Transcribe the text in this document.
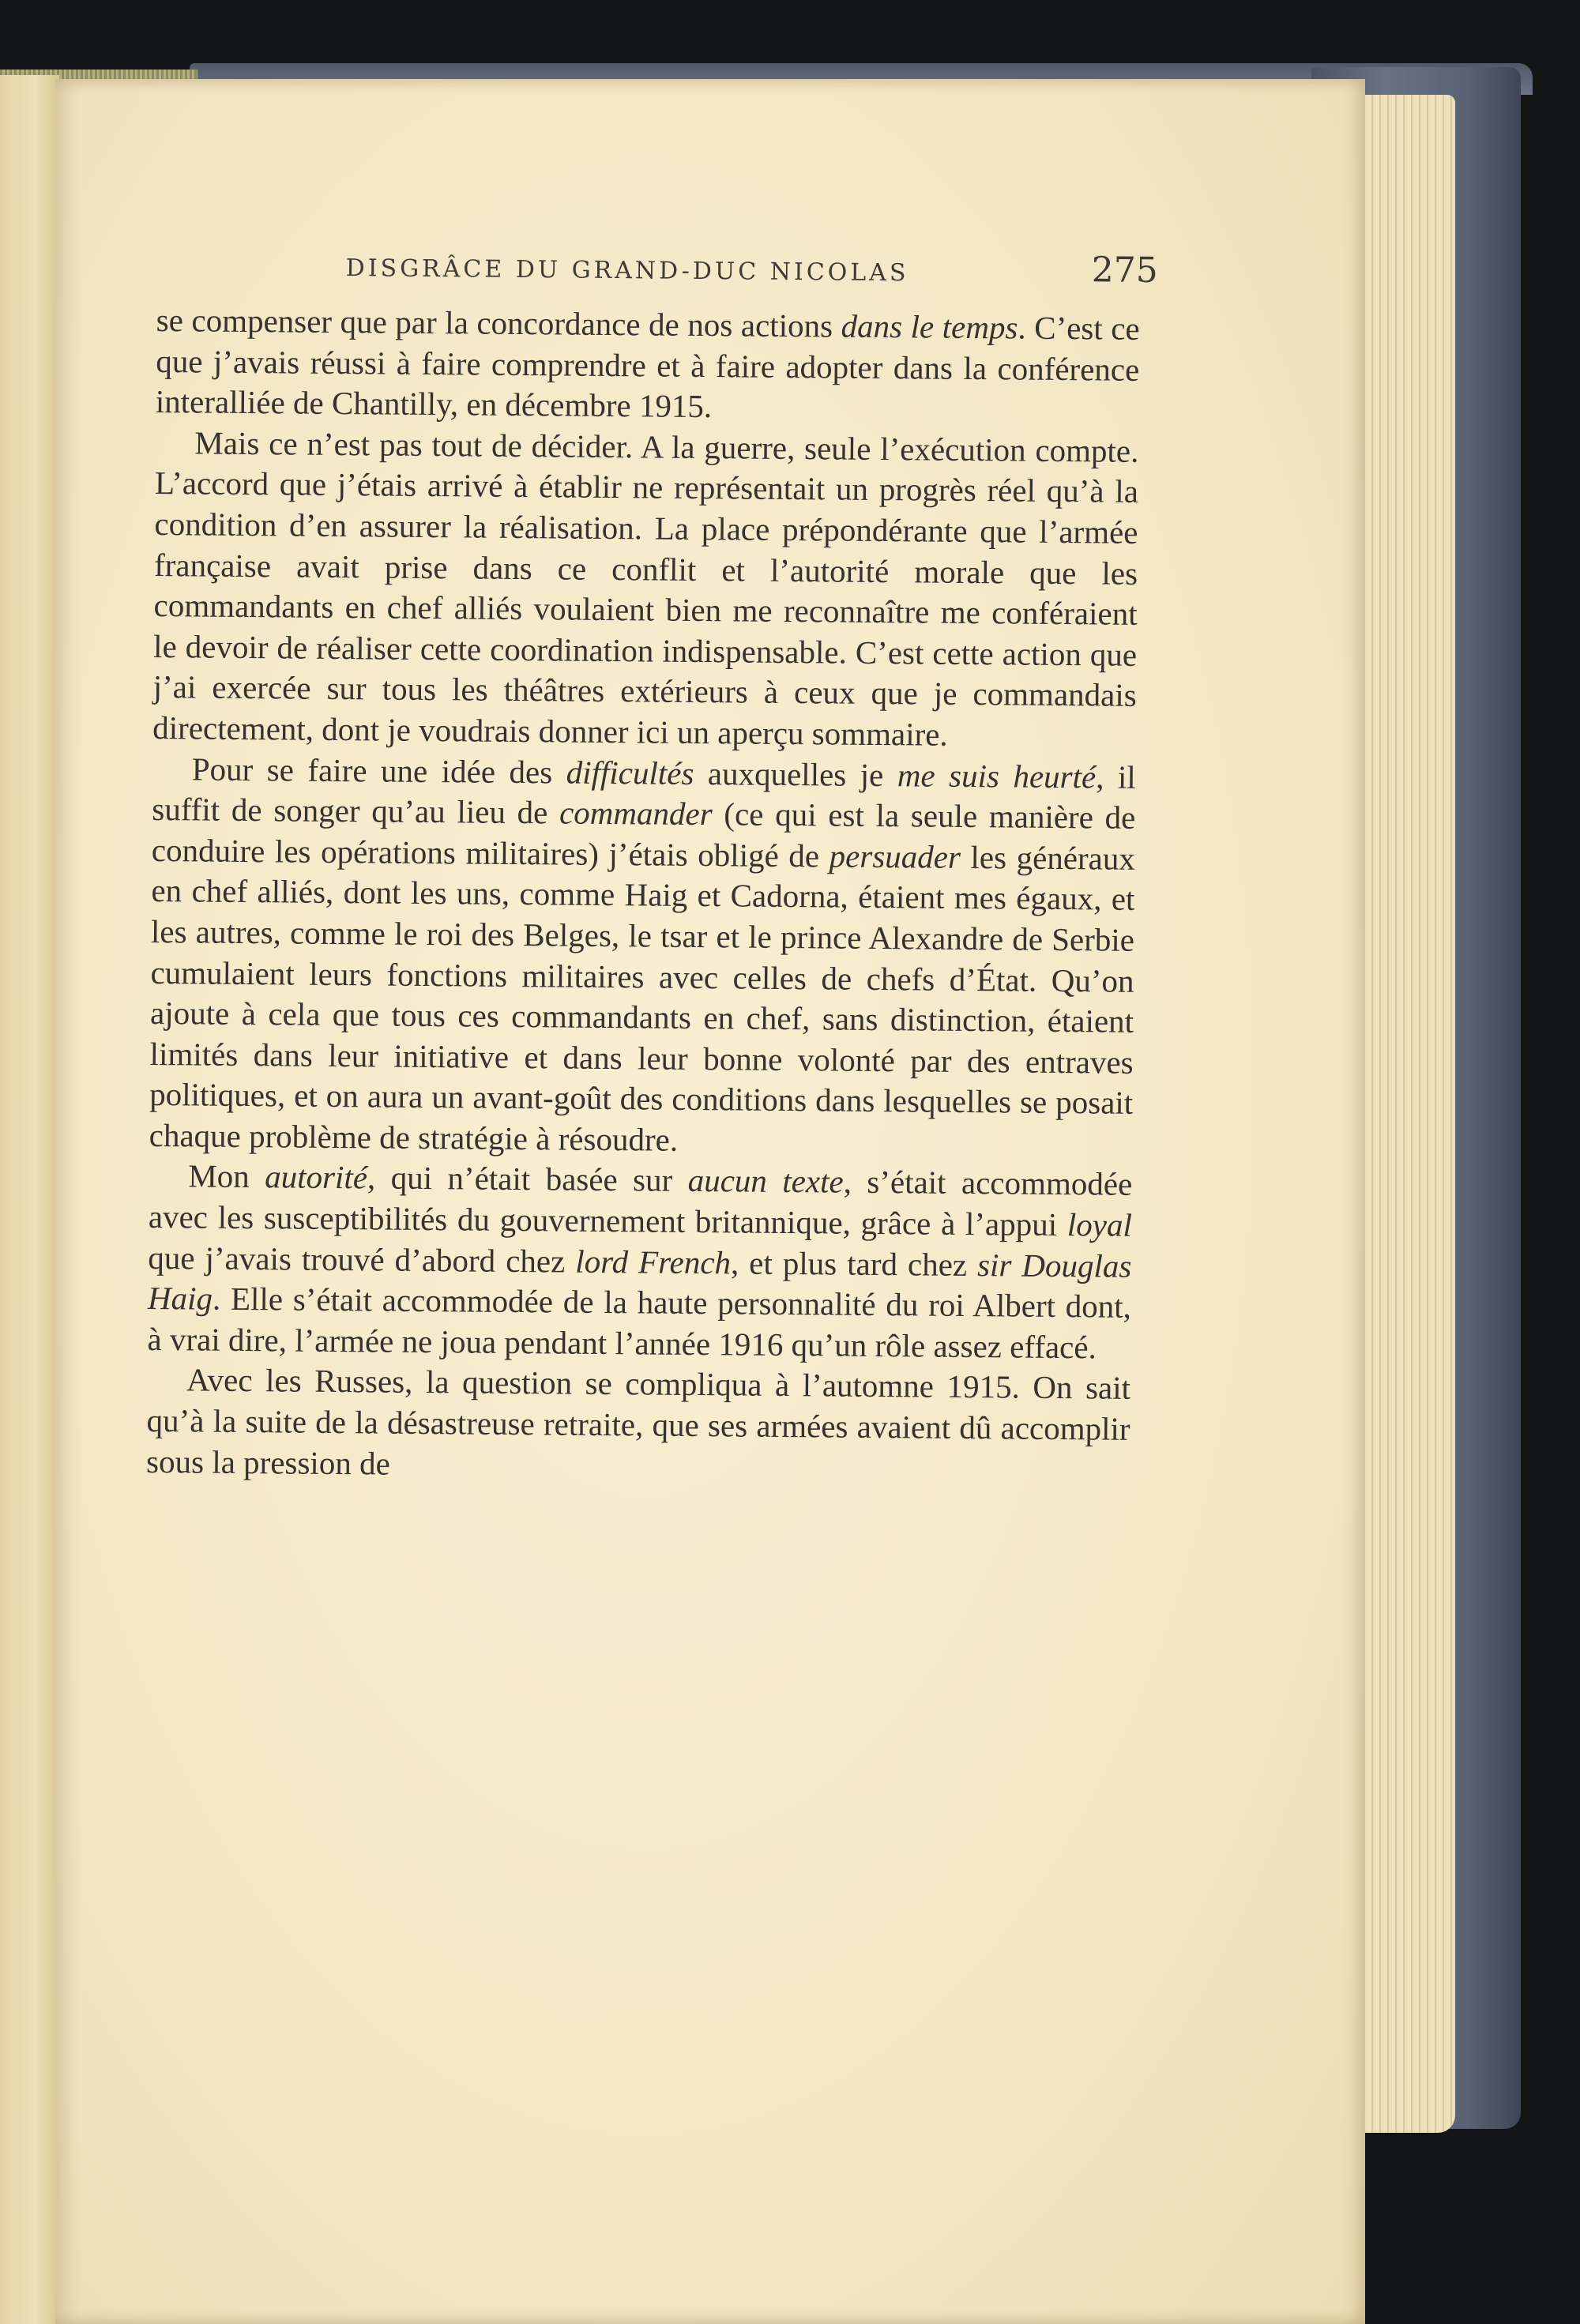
DISGRÂCE DU GRAND-DUC NICOLAS	275

se compenser que par la concordance de nos actions dans le temps. C’est ce que j’avais réussi à faire comprendre et à faire adopter dans la conférence interalliée de Chantilly, en décembre 1915.

Mais ce n’est pas tout de décider. A la guerre, seule l’exécution compte. L’accord que j’étais arrivé à établir ne représentait un progrès réel qu’à la condition d’en assurer la réalisation. La place prépondérante que l’armée française avait prise dans ce conflit et l’autorité morale que les commandants en chef alliés voulaient bien me reconnaître me conféraient le devoir de réaliser cette coordination indispensable. C’est cette action que j’ai exercée sur tous les théâtres extérieurs à ceux que je commandais directement, dont je voudrais donner ici un aperçu sommaire.

Pour se faire une idée des difficultés auxquelles je me suis heurté, il suffit de songer qu’au lieu de commander (ce qui est la seule manière de conduire les opérations militaires) j’étais obligé de persuader les généraux en chef alliés, dont les uns, comme Haig et Cadorna, étaient mes égaux, et les autres, comme le roi des Belges, le tsar et le prince Alexandre de Serbie cumulaient leurs fonctions militaires avec celles de chefs d’État. Qu’on ajoute à cela que tous ces commandants en chef, sans distinction, étaient limités dans leur initiative et dans leur bonne volonté par des entraves politiques, et on aura un avant-goût des conditions dans lesquelles se posait chaque problème de stratégie à résoudre.

Mon autorité, qui n’était basée sur aucun texte, s’était accommodée avec les susceptibilités du gouvernement britannique, grâce à l’appui loyal que j’avais trouvé d’abord chez lord French, et plus tard chez sir Douglas Haig. Elle s’était accommodée de la haute personnalité du roi Albert dont, à vrai dire, l’armée ne joua pendant l’année 1916 qu’un rôle assez effacé.

Avec les Russes, la question se compliqua à l’automne 1915. On sait qu’à la suite de la désastreuse retraite, que ses armées avaient dû accomplir sous la pression de
